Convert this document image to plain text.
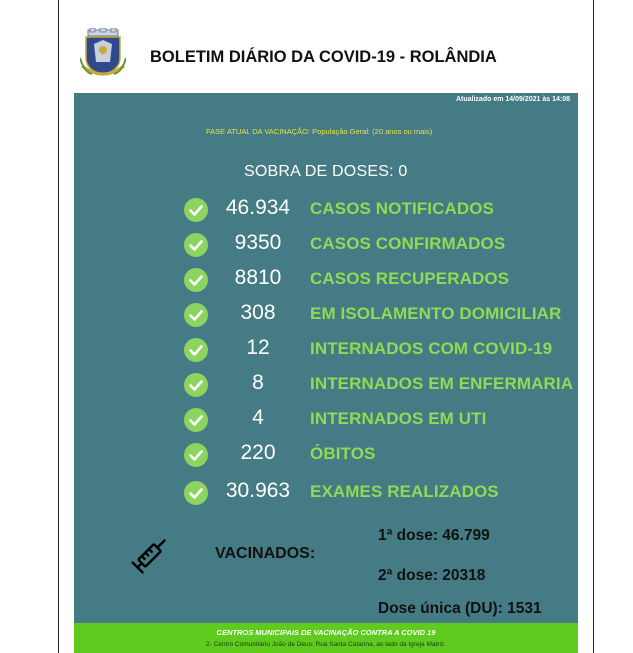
BOLETIM DIÁRIO DA COVID-19 - ROLÂNDIA
Atualizado em 14/09/2021 às 14:08
FASE ATUAL DA VACINAÇÃO: População Geral: (20 anos ou mais)
SOBRA DE DOSES: 0
46.934	CASOS NOTIFICADOS
9350	CASOS CONFIRMADOS
8810	CASOS RECUPERADOS
308	EM ISOLAMENTO DOMICILIAR
12	INTERNADOS COM COVID-19
8	INTERNADOS EM ENFERMARIA
4	INTERNADOS EM UTI
220	ÓBITOS
30.963	EXAMES REALIZADOS
VACINADOS:
1ª dose: 46.799
2ª dose: 20318
Dose única (DU): 1531
CENTROS MUNICIPAIS DE VACINAÇÃO CONTRA A COVID 19
2- Centro Comunitário João de Deus: Rua Santa Catarina, ao lado da Igreja Matriz.
